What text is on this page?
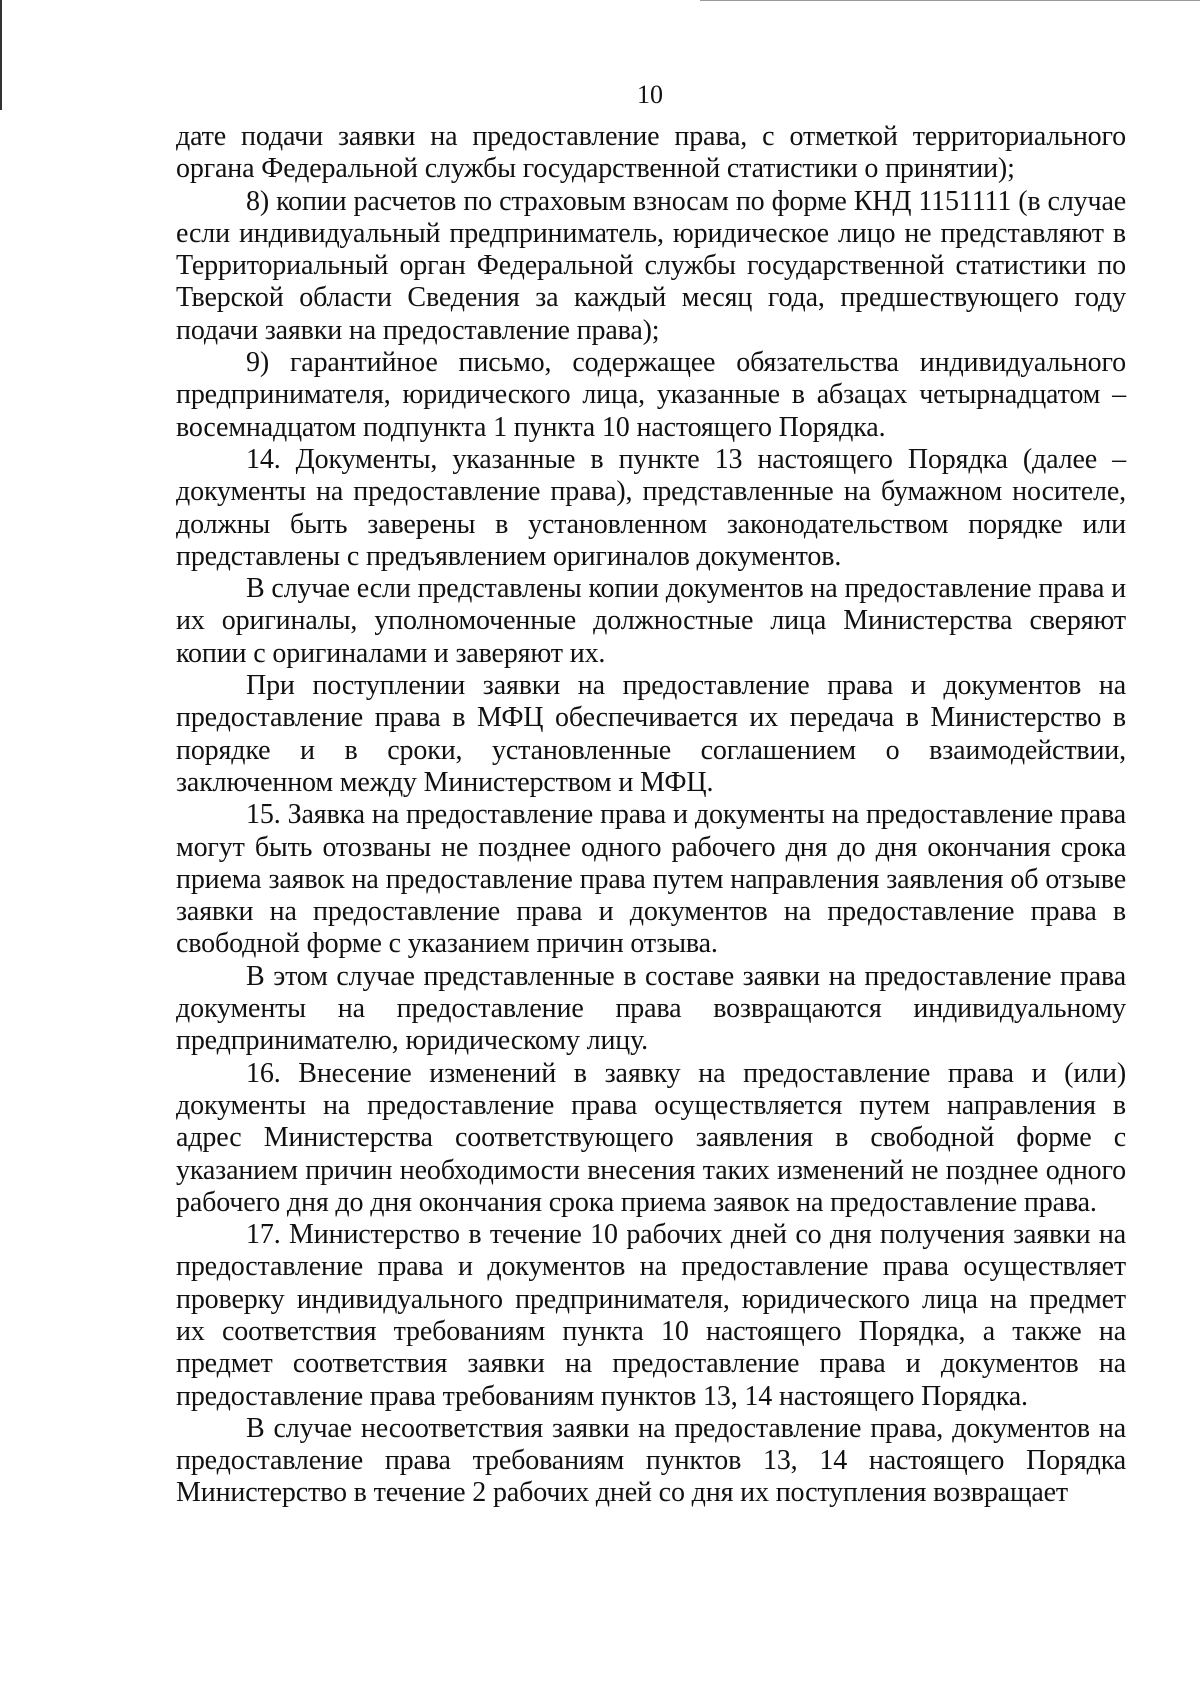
10

дате подачи заявки на предоставление права, с отметкой территориального органа Федеральной службы государственной статистики о принятии);

8) копии расчетов по страховым взносам по форме КНД 1151111 (в случае если индивидуальный предприниматель, юридическое лицо не представляют в Территориальный орган Федеральной службы государственной статистики по Тверской области Сведения за каждый месяц года, предшествующего году подачи заявки на предоставление права);

9) гарантийное письмо, содержащее обязательства индивидуального предпринимателя, юридического лица, указанные в абзацах четырнадцатом – восемнадцатом подпункта 1 пункта 10 настоящего Порядка.

14. Документы, указанные в пункте 13 настоящего Порядка (далее – документы на предоставление права), представленные на бумажном носителе, должны быть заверены в установленном законодательством порядке или представлены с предъявлением оригиналов документов.

В случае если представлены копии документов на предоставление права и их оригиналы, уполномоченные должностные лица Министерства сверяют копии с оригиналами и заверяют их.

При поступлении заявки на предоставление права и документов на предоставление права в МФЦ обеспечивается их передача в Министерство в порядке и в сроки, установленные соглашением о взаимодействии, заключенном между Министерством и МФЦ.

15. Заявка на предоставление права и документы на предоставление права могут быть отозваны не позднее одного рабочего дня до дня окончания срока приема заявок на предоставление права путем направления заявления об отзыве заявки на предоставление права и документов на предоставление права в свободной форме с указанием причин отзыва.

В этом случае представленные в составе заявки на предоставление права документы на предоставление права возвращаются индивидуальному предпринимателю, юридическому лицу.

16. Внесение изменений в заявку на предоставление права и (или) документы на предоставление права осуществляется путем направления в адрес Министерства соответствующего заявления в свободной форме с указанием причин необходимости внесения таких изменений не позднее одного рабочего дня до дня окончания срока приема заявок на предоставление права.

17. Министерство в течение 10 рабочих дней со дня получения заявки на предоставление права и документов на предоставление права осуществляет проверку индивидуального предпринимателя, юридического лица на предмет их соответствия требованиям пункта 10 настоящего Порядка, а также на предмет соответствия заявки на предоставление права и документов на предоставление права требованиям пунктов 13, 14 настоящего Порядка.

В случае несоответствия заявки на предоставление права, документов на предоставление права требованиям пунктов 13, 14 настоящего Порядка Министерство в течение 2 рабочих дней со дня их поступления возвращает
